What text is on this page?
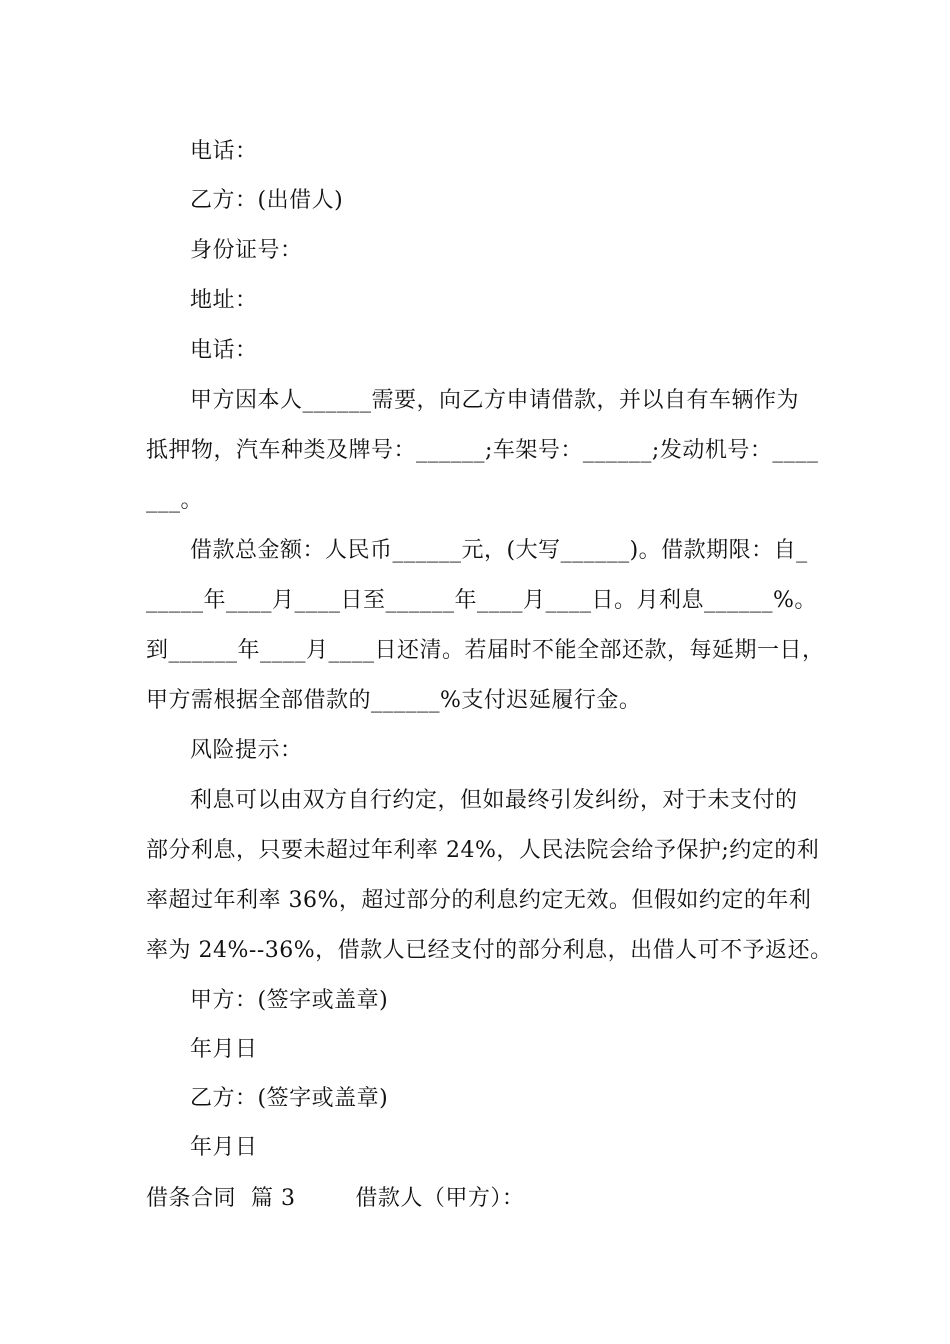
电话：
乙方：(出借人)
身份证号：
地址：
电话：
甲方因本人______需要，向乙方申请借款，并以自有车辆作为
抵押物，汽车种类及牌号：______;车架号：______;发动机号：____
___。
借款总金额：人民币______元，(大写______)。借款期限：自_
_____年____月____日至______年____月____日。月利息______%。
到______年____月____日还清。若届时不能全部还款，每延期一日，
甲方需根据全部借款的______%支付迟延履行金。
风险提示：
利息可以由双方自行约定，但如最终引发纠纷，对于未支付的
部分利息，只要未超过年利率 24%，人民法院会给予保护;约定的利
率超过年利率 36%，超过部分的利息约定无效。但假如约定的年利
率为 24%--36%，借款人已经支付的部分利息，出借人可不予返还。
甲方：(签字或盖章)
年月日
乙方：(签字或盖章)
年月日
借条合同  篇 3        借款人（甲方）：
